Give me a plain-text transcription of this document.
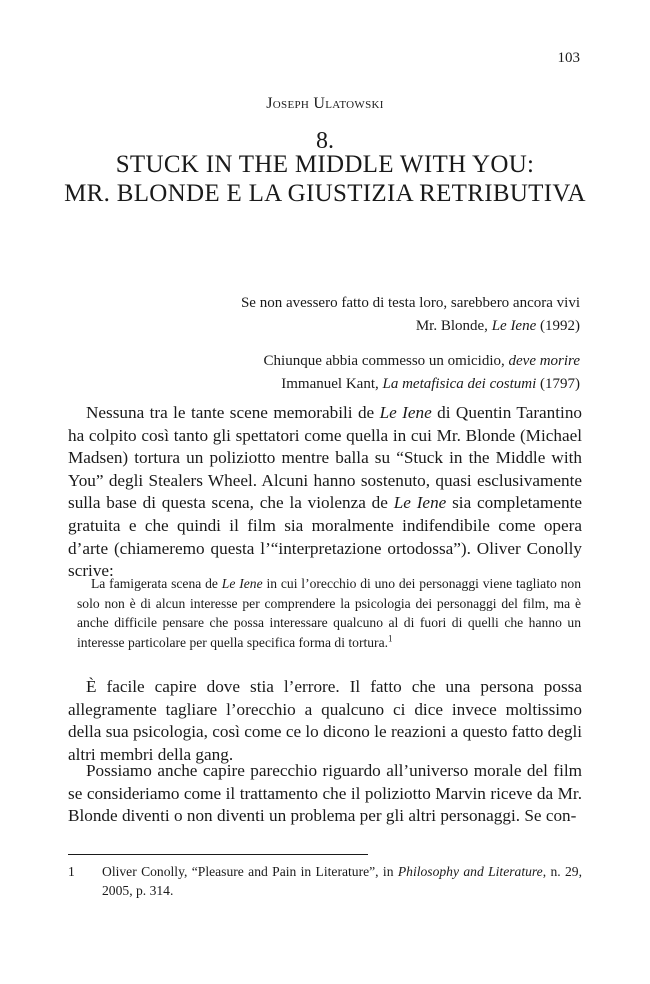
103
Joseph Ulatowski
8.
STUCK IN THE MIDDLE WITH YOU:
MR. BLONDE E LA GIUSTIZIA RETRIBUTIVA
Se non avessero fatto di testa loro, sarebbero ancora vivi
Mr. Blonde, Le Iene (1992)
Chiunque abbia commesso un omicidio, deve morire
Immanuel Kant, La metafisica dei costumi (1797)

Nessuna tra le tante scene memorabili de Le Iene di Quentin Tarantino ha colpito così tanto gli spettatori come quella in cui Mr. Blonde (Michael Madsen) tortura un poliziotto mentre balla su “Stuck in the Middle with You” degli Stealers Wheel. Alcuni hanno sostenuto, quasi esclusivamente sulla base di questa scena, che la violenza de Le Iene sia completamente gratuita e che quindi il film sia moralmente indifendibile come opera d’arte (chiameremo questa l’“interpretazione ortodossa”). Oliver Conolly scrive:

La famigerata scena de Le Iene in cui l’orecchio di uno dei personaggi viene tagliato non solo non è di alcun interesse per comprendere la psicologia dei personaggi del film, ma è anche difficile pensare che possa interessare qualcuno al di fuori di quelli che hanno un interesse particolare per quella specifica forma di tortura.$^1$

È facile capire dove stia l’errore. Il fatto che una persona possa allegramente tagliare l’orecchio a qualcuno ci dice invece moltissimo della sua psicologia, così come ce lo dicono le reazioni a questo fatto degli altri membri della gang.

Possiamo anche capire parecchio riguardo all’universo morale del film se consideriamo come il trattamento che il poliziotto Marvin riceve da Mr. Blonde diventi o non diventi un problema per gli altri personaggi. Se con-

1 Oliver Conolly, “Pleasure and Pain in Literature”, in Philosophy and Literature, n. 29, 2005, p. 314.
